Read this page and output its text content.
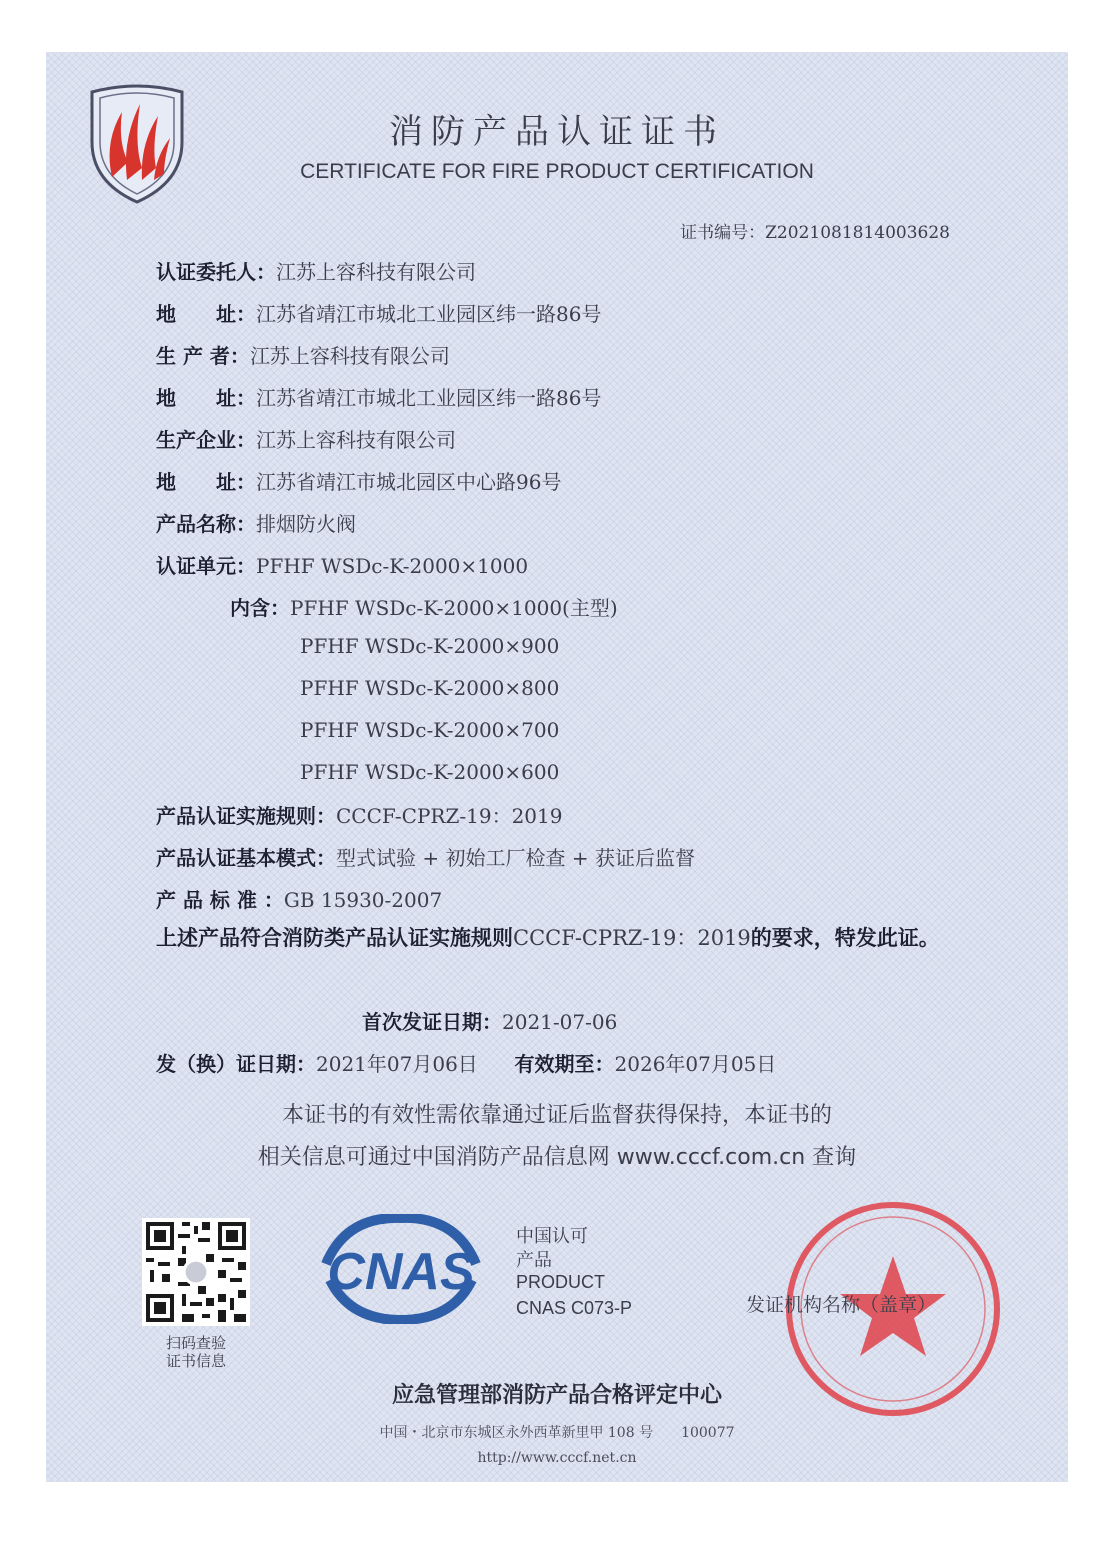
消防产品认证证书
CERTIFICATE FOR FIRE PRODUCT CERTIFICATION
证书编号：Z2021081814003628
认证委托人：江苏上容科技有限公司
地　　址：江苏省靖江市城北工业园区纬一路86号
生 产 者：江苏上容科技有限公司
地　　址：江苏省靖江市城北工业园区纬一路86号
生产企业：江苏上容科技有限公司
地　　址：江苏省靖江市城北园区中心路96号
产品名称：排烟防火阀
认证单元：PFHF WSDc-K-2000×1000
内含：PFHF WSDc-K-2000×1000(主型)
PFHF WSDc-K-2000×900
PFHF WSDc-K-2000×800
PFHF WSDc-K-2000×700
PFHF WSDc-K-2000×600
产品认证实施规则：CCCF-CPRZ-19：2019
产品认证基本模式：型式试验 + 初始工厂检查 + 获证后监督
产 品 标 准 ：GB 15930-2007
上述产品符合消防类产品认证实施规则CCCF-CPRZ-19：2019的要求，特发此证。
首次发证日期：2021-07-06
发（换）证日期：2021年07月06日 有效期至：2026年07月05日
本证书的有效性需依靠通过证后监督获得保持，本证书的
相关信息可通过中国消防产品信息网 www.cccf.com.cn 查询
扫码查验
证书信息
CNAS
中国认可
产品
PRODUCT
CNAS C073-P	发证机构名称（盖章）
应急管理部消防产品合格评定中心
中国・北京市东城区永外西革新里甲 108 号　　100077
http://www.cccf.net.cn
